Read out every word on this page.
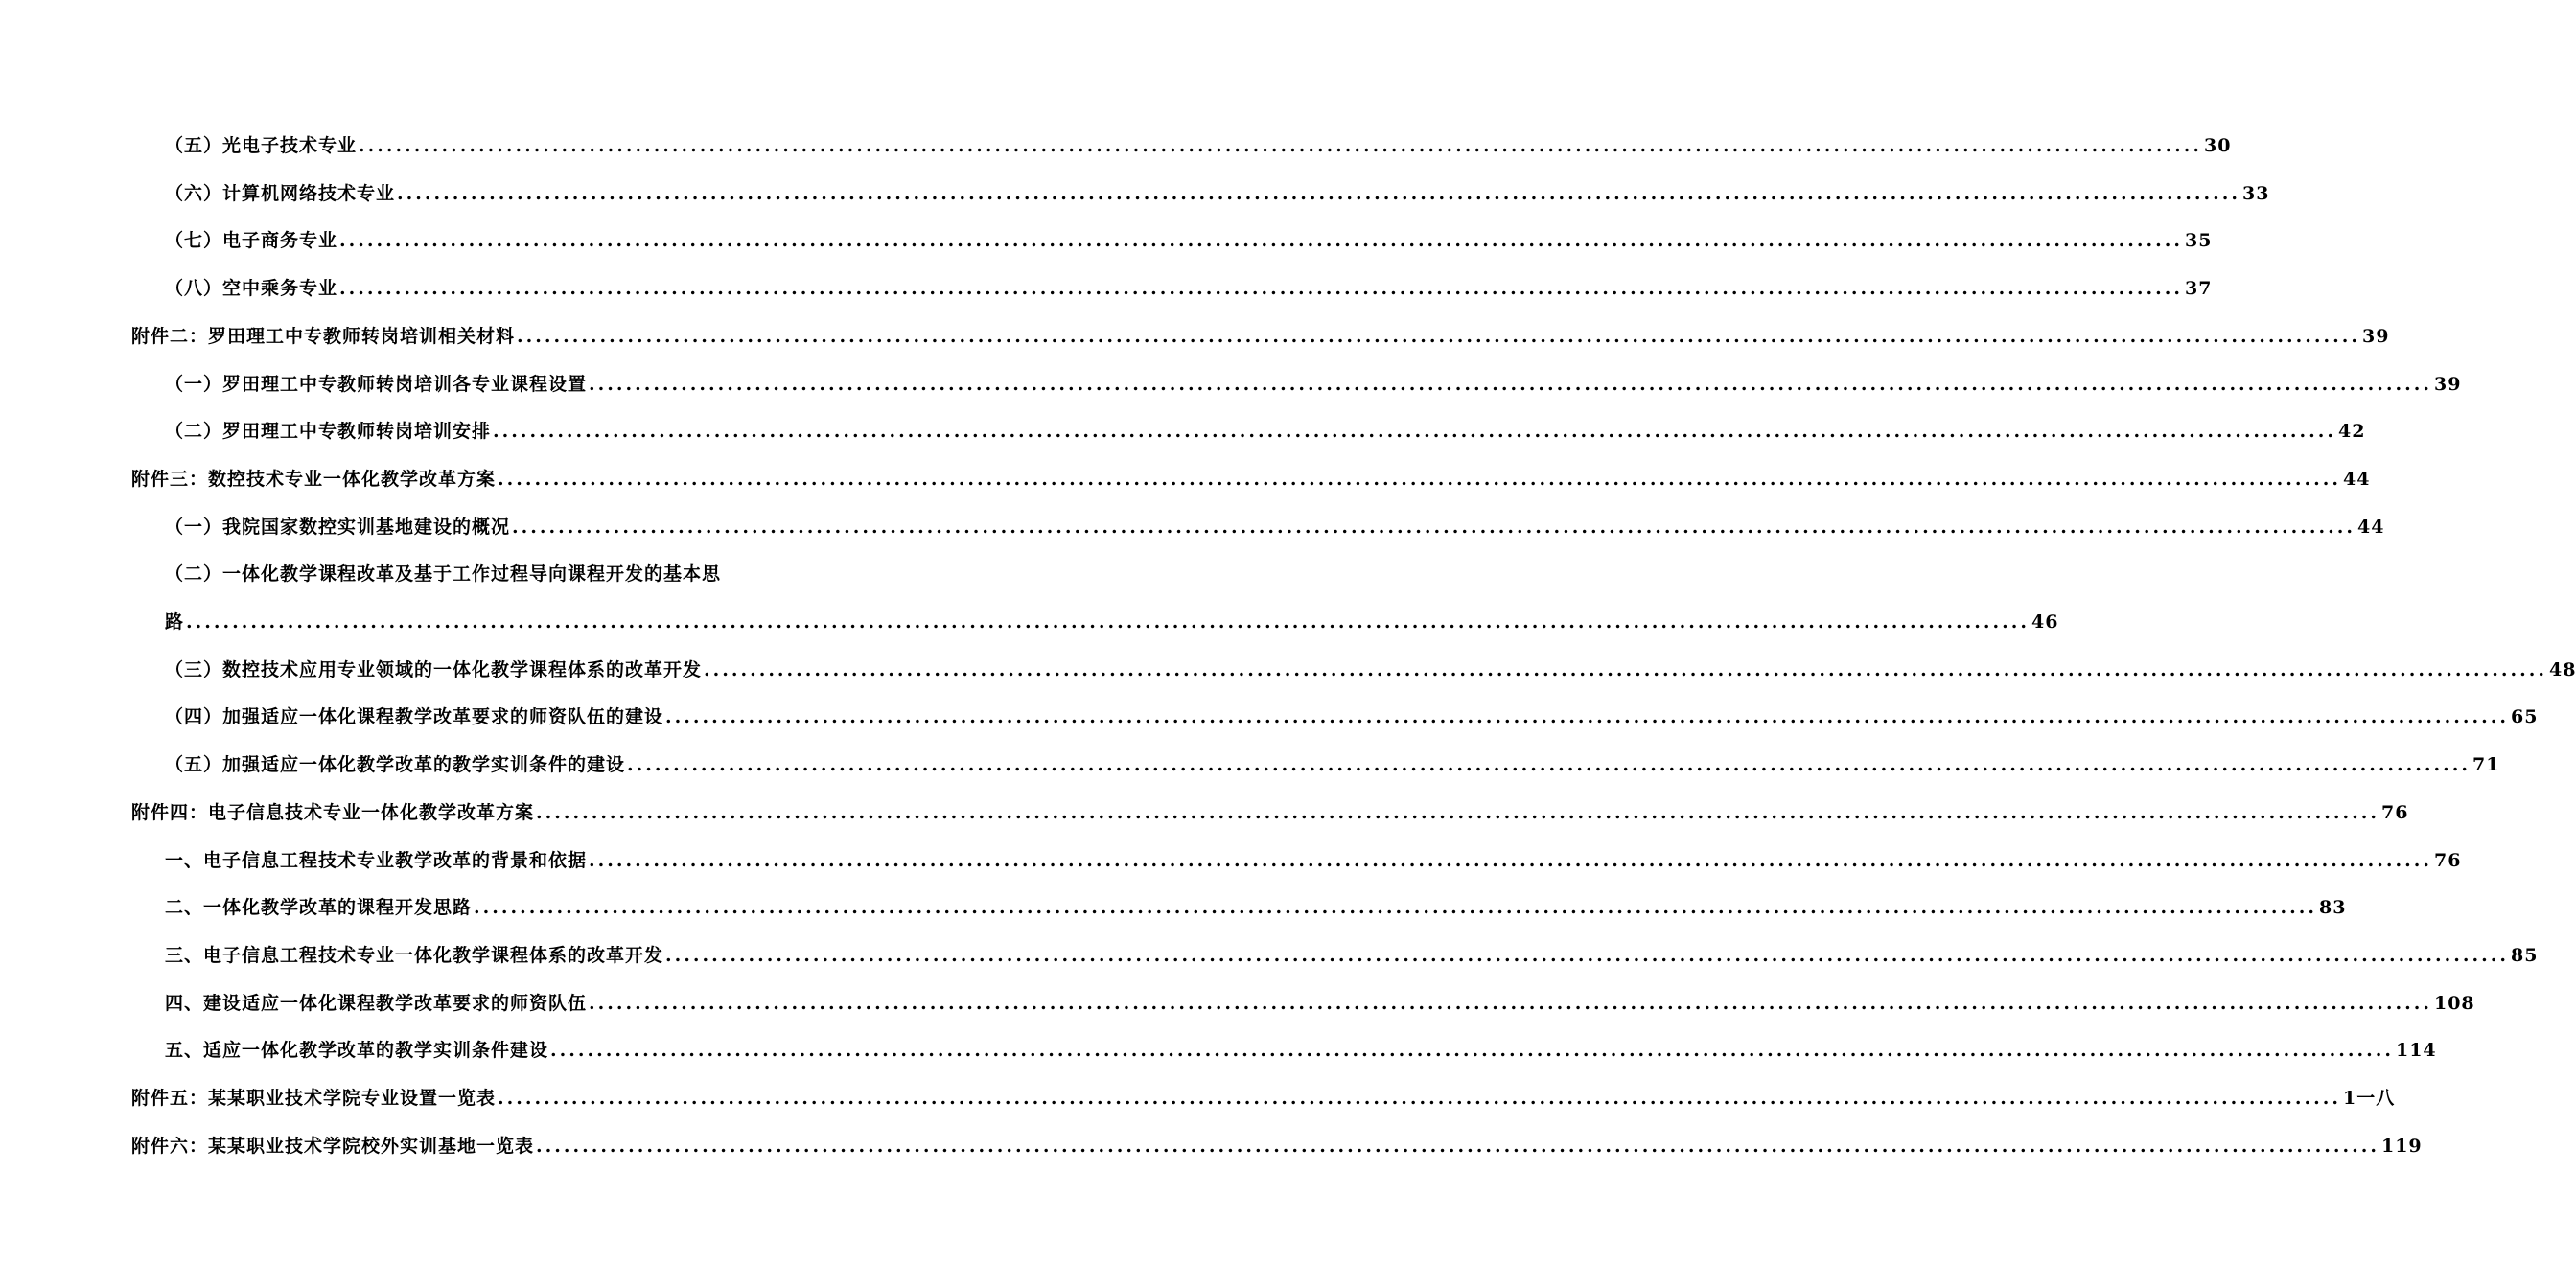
（五）光电子技术专业 ........................................................................................................................................................................................................ 30
（六）计算机网络技术专业 ........................................................................................................................................................................................................ 33
（七）电子商务专业 ........................................................................................................................................................................................................ 35
（八）空中乘务专业 ........................................................................................................................................................................................................ 37
附件二：罗田理工中专教师转岗培训相关材料 ........................................................................................................................................................................................................ 39
（一）罗田理工中专教师转岗培训各专业课程设置 ........................................................................................................................................................................................................ 39
（二）罗田理工中专教师转岗培训安排 ........................................................................................................................................................................................................ 42
附件三：数控技术专业一体化教学改革方案 ........................................................................................................................................................................................................ 44
（一）我院国家数控实训基地建设的概况 ........................................................................................................................................................................................................ 44
（二）一体化教学课程改革及基于工作过程导向课程开发的基本思
路 ........................................................................................................................................................................................................ 46
（三）数控技术应用专业领域的一体化教学课程体系的改革开发 ........................................................................................................................................................................................................ 48
（四）加强适应一体化课程教学改革要求的师资队伍的建设 ........................................................................................................................................................................................................ 65
（五）加强适应一体化教学改革的教学实训条件的建设 ........................................................................................................................................................................................................ 71
附件四：电子信息技术专业一体化教学改革方案 ........................................................................................................................................................................................................ 76
一、电子信息工程技术专业教学改革的背景和依据 ........................................................................................................................................................................................................ 76
二、一体化教学改革的课程开发思路 ........................................................................................................................................................................................................ 83
三、电子信息工程技术专业一体化教学课程体系的改革开发 ........................................................................................................................................................................................................ 85
四、建设适应一体化课程教学改革要求的师资队伍 ........................................................................................................................................................................................................ 108
五、适应一体化教学改革的教学实训条件建设 ........................................................................................................................................................................................................ 114
附件五：某某职业技术学院专业设置一览表 ........................................................................................................................................................................................................ 1一八
附件六：某某职业技术学院校外实训基地一览表 ........................................................................................................................................................................................................ 119
